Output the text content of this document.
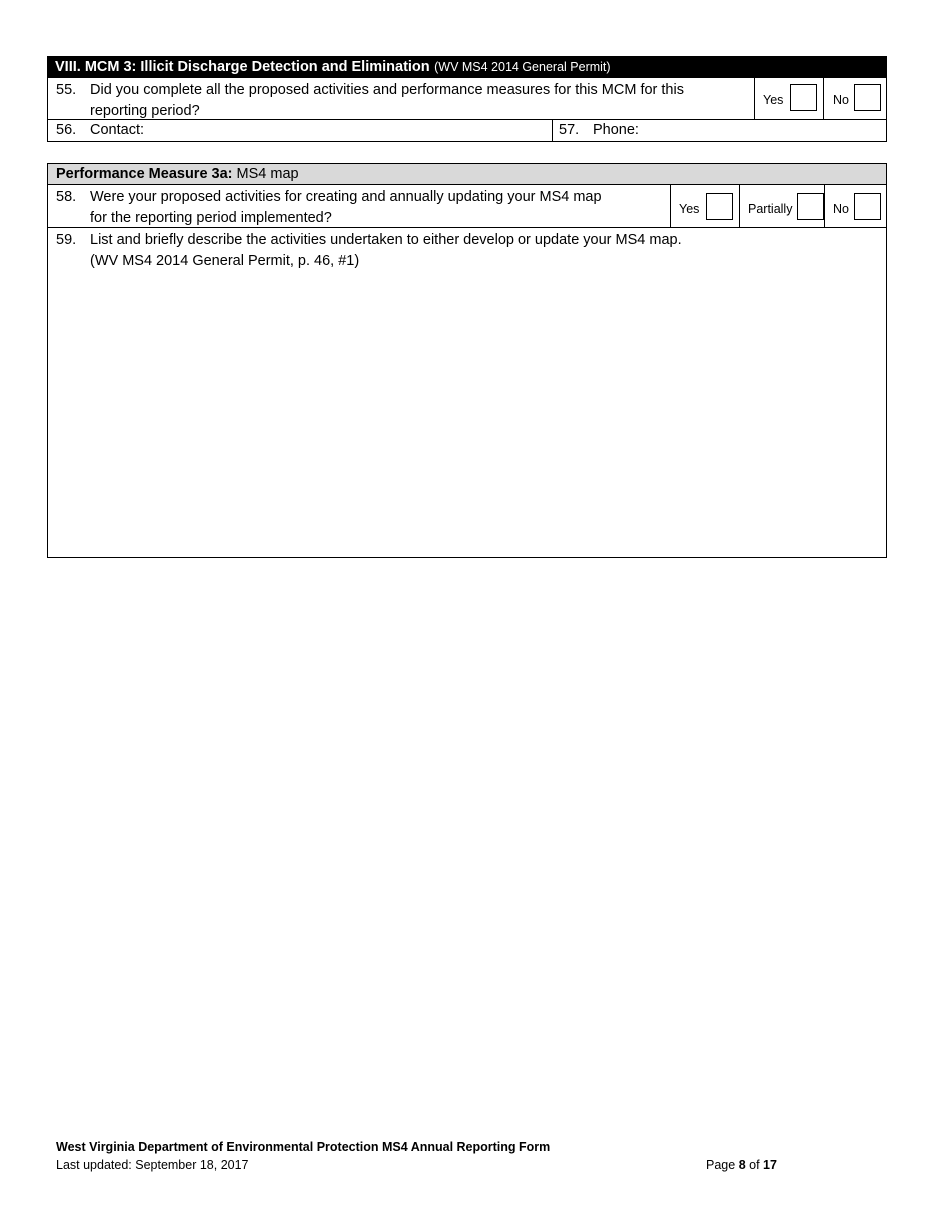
VIII. MCM 3: Illicit Discharge Detection and Elimination (WV MS4 2014 General Permit)
55. Did you complete all the proposed activities and performance measures for this MCM for this
reporting period?
Yes	No
56. Contact:	57. Phone:
Performance Measure 3a: MS4 map
58. Were your proposed activities for creating and annually updating your MS4 map
for the reporting period implemented?
Yes	Partially	No
59. List and briefly describe the activities undertaken to either develop or update your MS4 map.
(WV MS4 2014 General Permit, p. 46, #1)
West Virginia Department of Environmental Protection MS4 Annual Reporting Form
Last updated: September 18, 2017	Page 8 of 17
